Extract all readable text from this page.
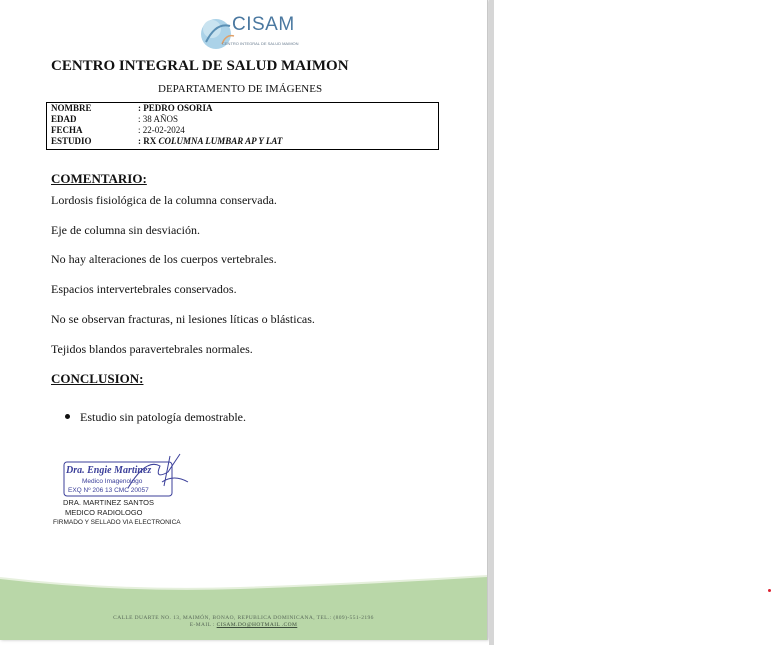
CISAM
CENTRO INTEGRAL DE SALUD MAIMON
CENTRO INTEGRAL DE SALUD MAIMON
DEPARTAMENTO DE IMÁGENES
NOMBRE	: PEDRO OSORIA
EDAD	: 38 AÑOS
FECHA	: 22-02-2024
ESTUDIO	: RX COLUMNA LUMBAR AP Y LAT
COMENTARIO:
Lordosis fisiológica de la columna conservada.
Eje de columna sin desviación.
No hay alteraciones de los cuerpos vertebrales.
Espacios intervertebrales conservados.
No se observan fracturas, ni lesiones líticas o blásticas.
Tejidos blandos paravertebrales normales.
CONCLUSION:
Estudio sin patología demostrable.
Dra. Engie Martinez
Medico Imagenologo
EXQ Nº 206 13 CMC 20057
DRA. MARTINEZ SANTOS
MEDICO RADIOLOGO
FIRMADO Y SELLADO VIA ELECTRONICA
CALLE DUARTE NO. 13, MAIMÓN, BONAO, REPUBLICA DOMINICANA, TEL.: (809)-551-2196
E-MAIL : CISAM.DO@HOTMAIL .COM
